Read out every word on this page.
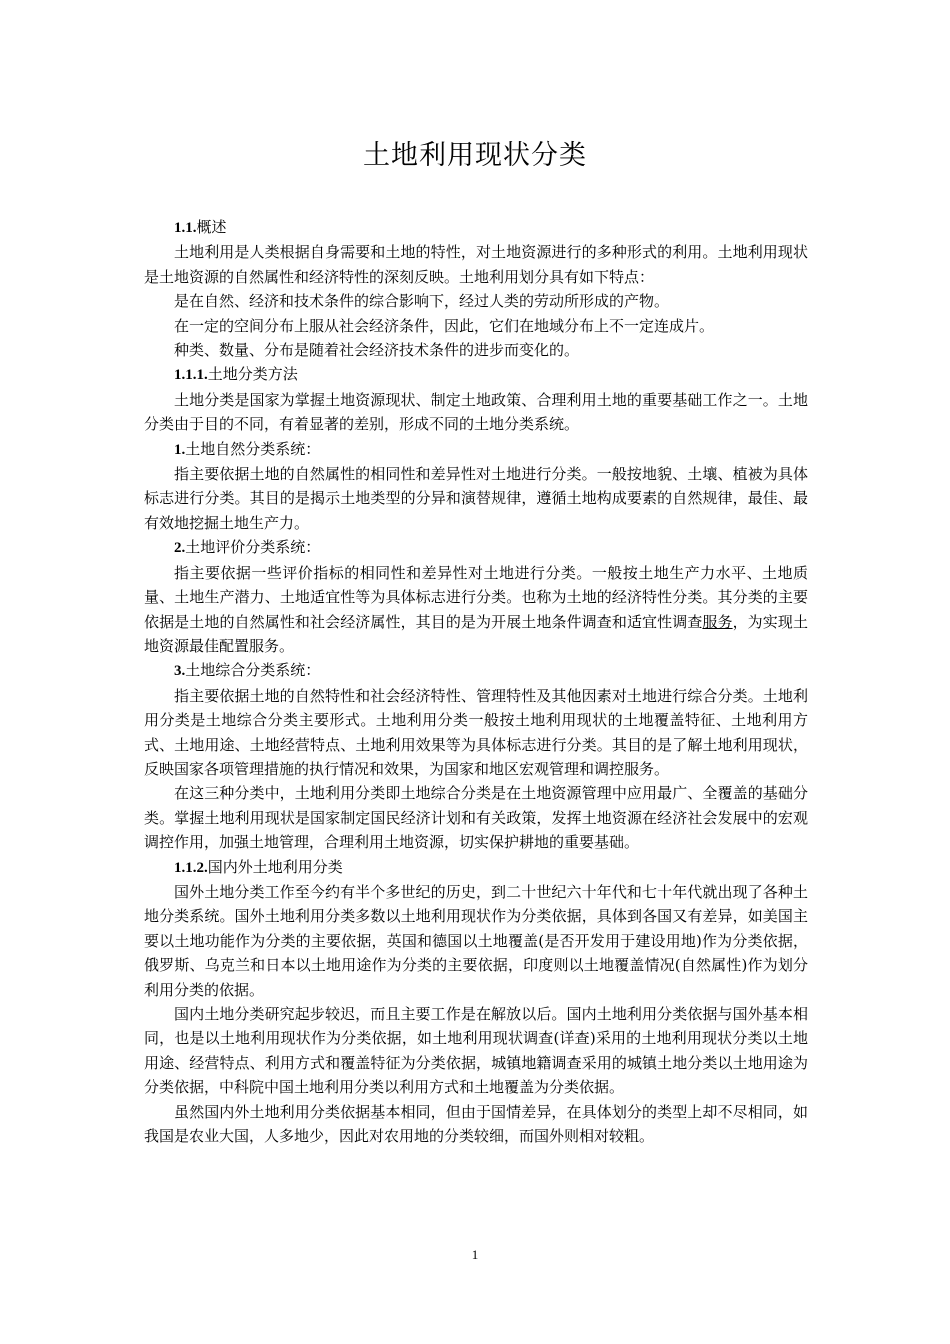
土地利用现状分类

1.1.概述

土地利用是人类根据自身需要和土地的特性，对土地资源进行的多种形式的利用。土地利用现状是土地资源的自然属性和经济特性的深刻反映。土地利用划分具有如下特点：

是在自然、经济和技术条件的综合影响下，经过人类的劳动所形成的产物。

在一定的空间分布上服从社会经济条件，因此，它们在地域分布上不一定连成片。

种类、数量、分布是随着社会经济技术条件的进步而变化的。

1.1.1.土地分类方法

土地分类是国家为掌握土地资源现状、制定土地政策、合理利用土地的重要基础工作之一。土地分类由于目的不同，有着显著的差别，形成不同的土地分类系统。

1.土地自然分类系统：

指主要依据土地的自然属性的相同性和差异性对土地进行分类。一般按地貌、土壤、植被为具体标志进行分类。其目的是揭示土地类型的分异和演替规律，遵循土地构成要素的自然规律，最佳、最有效地挖掘土地生产力。

2.土地评价分类系统：

指主要依据一些评价指标的相同性和差异性对土地进行分类。一般按土地生产力水平、土地质量、土地生产潜力、土地适宜性等为具体标志进行分类。也称为土地的经济特性分类。其分类的主要依据是土地的自然属性和社会经济属性，其目的是为开展土地条件调查和适宜性调查服务，为实现土地资源最佳配置服务。

3.土地综合分类系统：

指主要依据土地的自然特性和社会经济特性、管理特性及其他因素对土地进行综合分类。土地利用分类是土地综合分类主要形式。土地利用分类一般按土地利用现状的土地覆盖特征、土地利用方式、土地用途、土地经营特点、土地利用效果等为具体标志进行分类。其目的是了解土地利用现状，反映国家各项管理措施的执行情况和效果，为国家和地区宏观管理和调控服务。

在这三种分类中，土地利用分类即土地综合分类是在土地资源管理中应用最广、全覆盖的基础分类。掌握土地利用现状是国家制定国民经济计划和有关政策，发挥土地资源在经济社会发展中的宏观调控作用，加强土地管理，合理利用土地资源，切实保护耕地的重要基础。

1.1.2.国内外土地利用分类

国外土地分类工作至今约有半个多世纪的历史，到二十世纪六十年代和七十年代就出现了各种土地分类系统。国外土地利用分类多数以土地利用现状作为分类依据，具体到各国又有差异，如美国主要以土地功能作为分类的主要依据，英国和德国以土地覆盖(是否开发用于建设用地)作为分类依据，俄罗斯、乌克兰和日本以土地用途作为分类的主要依据，印度则以土地覆盖情况(自然属性)作为划分利用分类的依据。

国内土地分类研究起步较迟，而且主要工作是在解放以后。国内土地利用分类依据与国外基本相同，也是以土地利用现状作为分类依据，如土地利用现状调查(详查)采用的土地利用现状分类以土地用途、经营特点、利用方式和覆盖特征为分类依据，城镇地籍调查采用的城镇土地分类以土地用途为分类依据，中科院中国土地利用分类以利用方式和土地覆盖为分类依据。

虽然国内外土地利用分类依据基本相同，但由于国情差异，在具体划分的类型上却不尽相同，如我国是农业大国，人多地少，因此对农用地的分类较细，而国外则相对较粗。

1
